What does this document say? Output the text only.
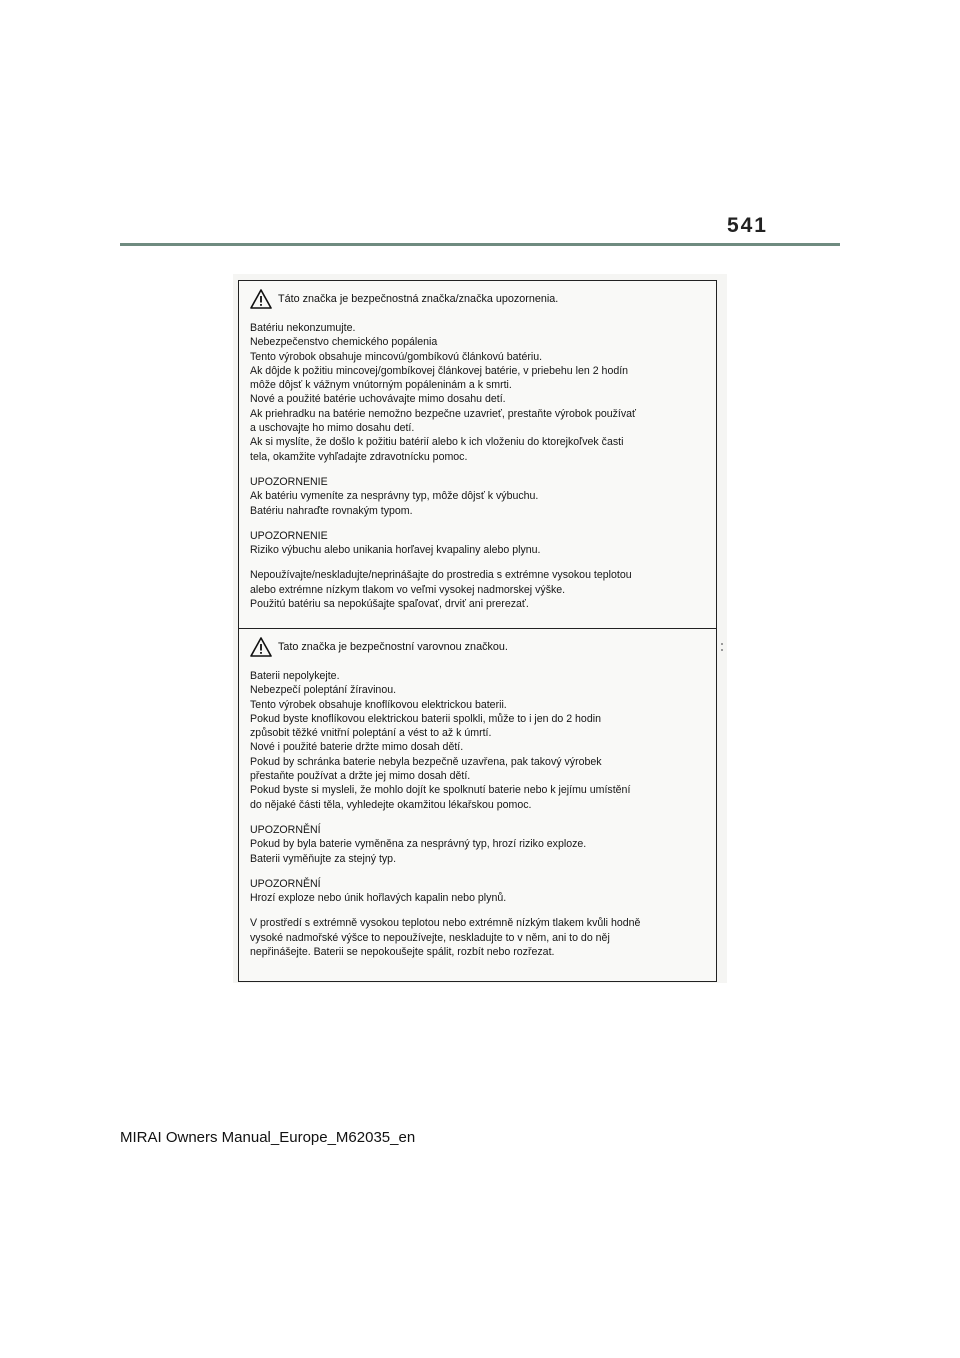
541
Táto značka je bezpečnostná značka/značka upozornenia.
Batériu nekonzumujte.
Nebezpečenstvo chemického popálenia
Tento výrobok obsahuje mincovú/gombíkovú článkovú batériu.
Ak dôjde k požitiu mincovej/gombíkovej článkovej batérie, v priebehu len 2 hodín
môže dôjsť k vážnym vnútorným popáleninám a k smrti.
Nové a použité batérie uchovávajte mimo dosahu detí.
Ak priehradku na batérie nemožno bezpečne uzavrieť, prestaňte výrobok používať
a uschovajte ho mimo dosahu detí.
Ak si myslíte, že došlo k požitiu batérií alebo k ich vloženiu do ktorejkoľvek časti
tela, okamžite vyhľadajte zdravotnícku pomoc.
UPOZORNENIE
Ak batériu vymeníte za nesprávny typ, môže dôjsť k výbuchu.
Batériu nahraďte rovnakým typom.
UPOZORNENIE
Riziko výbuchu alebo unikania horľavej kvapaliny alebo plynu.
Nepoužívajte/neskladujte/neprinášajte do prostredia s extrémne vysokou teplotou
alebo extrémne nízkym tlakom vo veľmi vysokej nadmorskej výške.
Použitú batériu sa nepokúšajte spaľovať, drviť ani prerezať.
Tato značka je bezpečnostní varovnou značkou.
Baterii nepolykejte.
Nebezpečí poleptání žíravinou.
Tento výrobek obsahuje knoflíkovou elektrickou baterii.
Pokud byste knoflíkovou elektrickou baterii spolkli, může to i jen do 2 hodin
způsobit těžké vnitřní poleptání a vést to až k úmrtí.
Nové i použité baterie držte mimo dosah dětí.
Pokud by schránka baterie nebyla bezpečně uzavřena, pak takový výrobek
přestaňte používat a držte jej mimo dosah dětí.
Pokud byste si mysleli, že mohlo dojít ke spolknutí baterie nebo k jejímu umístění
do nějaké části těla, vyhledejte okamžitou lékařskou pomoc.
UPOZORNĚNÍ
Pokud by byla baterie vyměněna za nesprávný typ, hrozí riziko exploze.
Baterii vyměňujte za stejný typ.
UPOZORNĚNÍ
Hrozí exploze nebo únik hořlavých kapalin nebo plynů.
V prostředí s extrémně vysokou teplotou nebo extrémně nízkým tlakem kvůli hodně
vysoké nadmořské výšce to nepoužívejte, neskladujte to v něm, ani to do něj
nepřinášejte. Baterii se nepokoušejte spálit, rozbít nebo rozřezat.
MIRAI Owners Manual_Europe_M62035_en
